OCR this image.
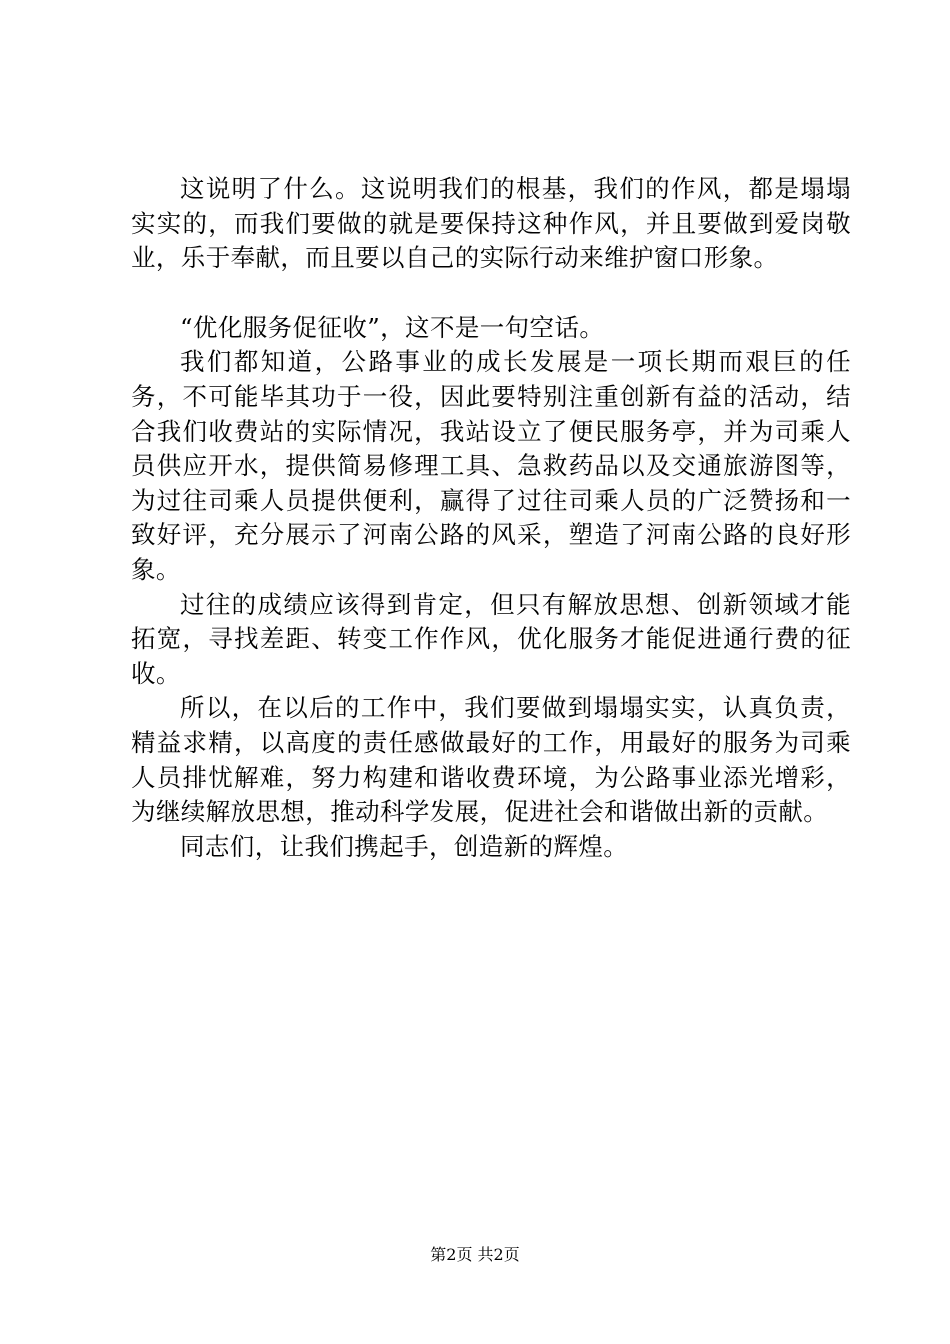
这说明了什么。这说明我们的根基，我们的作风，都是塌塌实实的，而我们要做的就是要保持这种作风，并且要做到爱岗敬业，乐于奉献，而且要以自己的实际行动来维护窗口形象。

“优化服务促征收”，这不是一句空话。

我们都知道，公路事业的成长发展是一项长期而艰巨的任务，不可能毕其功于一役，因此要特别注重创新有益的活动，结合我们收费站的实际情况，我站设立了便民服务亭，并为司乘人员供应开水，提供简易修理工具、急救药品以及交通旅游图等，为过往司乘人员提供便利，赢得了过往司乘人员的广泛赞扬和一致好评，充分展示了河南公路的风采，塑造了河南公路的良好形象。

过往的成绩应该得到肯定，但只有解放思想、创新领域才能拓宽，寻找差距、转变工作作风，优化服务才能促进通行费的征收。

所以，在以后的工作中，我们要做到塌塌实实，认真负责，精益求精，以高度的责任感做最好的工作，用最好的服务为司乘人员排忧解难，努力构建和谐收费环境，为公路事业添光增彩，为继续解放思想，推动科学发展，促进社会和谐做出新的贡献。

同志们，让我们携起手，创造新的辉煌。

第2页 共2页
